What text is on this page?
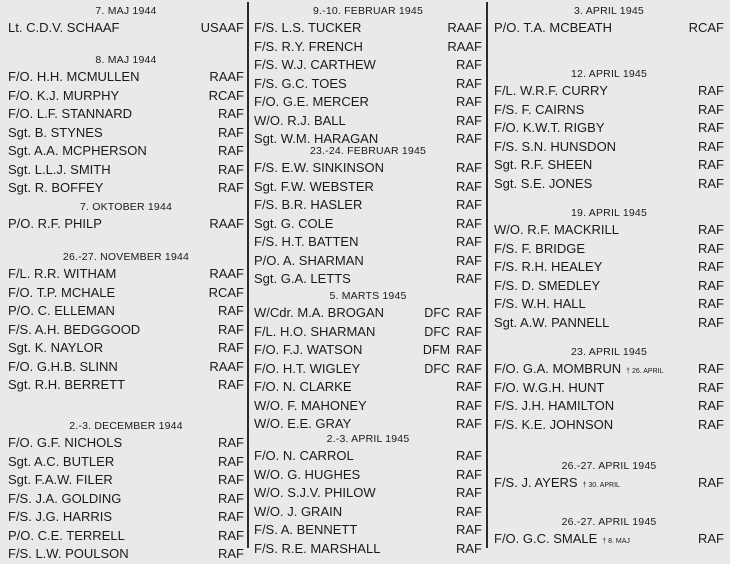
7. MAJ 1944
Lt. C.D.V. SCHAAF	USAAF
8. MAJ 1944
F/O. H.H. MCMULLEN	RAAF
F/O. K.J. MURPHY	RCAF
F/O. L.F. STANNARD	RAF
Sgt. B. STYNES	RAF
Sgt. A.A. MCPHERSON	RAF
Sgt. L.L.J. SMITH	RAF
Sgt. R. BOFFEY	RAF
7. OKTOBER 1944
P/O. R.F. PHILP	RAAF
26.-27. NOVEMBER 1944
F/L. R.R. WITHAM	RAAF
F/O. T.P. MCHALE	RCAF
P/O. C. ELLEMAN	RAF
F/S. A.H. BEDGGOOD	RAF
Sgt. K. NAYLOR	RAF
F/O. G.H.B. SLINN	RAAF
Sgt. R.H. BERRETT	RAF
2.-3. DECEMBER 1944
F/O. G.F. NICHOLS	RAF
Sgt. A.C. BUTLER	RAF
Sgt. F.A.W. FILER	RAF
F/S. J.A. GOLDING	RAF
F/S. J.G. HARRIS	RAF
P/O. C.E. TERRELL	RAF
F/S. L.W. POULSON	RAF
9.-10. FEBRUAR 1945
F/S. L.S. TUCKER	RAAF
F/S. R.Y. FRENCH	RAAF
F/S. W.J. CARTHEW	RAF
F/S. G.C. TOES	RAF
F/O. G.E. MERCER	RAF
W/O. R.J. BALL	RAF
Sgt. W.M. HARAGAN	RAF
23.-24. FEBRUAR 1945
F/S. E.W. SINKINSON	RAF
Sgt. F.W. WEBSTER	RAF
F/S. B.R. HASLER	RAF
Sgt. G. COLE	RAF
F/S. H.T. BATTEN	RAF
P/O. A. SHARMAN	RAF
Sgt. G.A. LETTS	RAF
5. MARTS 1945
W/Cdr. M.A. BROGAN	DFC RAF
F/L. H.O. SHARMAN	DFC RAF
F/O. F.J. WATSON	DFM RAF
F/O. H.T. WIGLEY	DFC RAF
F/O. N. CLARKE	RAF
W/O. F. MAHONEY	RAF
W/O. E.E. GRAY	RAF
2.-3. APRIL 1945
F/O. N. CARROL	RAF
W/O. G. HUGHES	RAF
W/O. S.J.V. PHILOW	RAF
W/O. J. GRAIN	RAF
F/S. A. BENNETT	RAF
F/S. R.E. MARSHALL	RAF
3. APRIL 1945
P/O. T.A. MCBEATH	RCAF
12. APRIL 1945
F/L. W.R.F. CURRY	RAF
F/S. F. CAIRNS	RAF
F/O. K.W.T. RIGBY	RAF
F/S. S.N. HUNSDON	RAF
Sgt. R.F. SHEEN	RAF
Sgt. S.E. JONES	RAF
19. APRIL 1945
W/O. R.F. MACKRILL	RAF
F/S. F. BRIDGE	RAF
F/S. R.H. HEALEY	RAF
F/S. D. SMEDLEY	RAF
F/S. W.H. HALL	RAF
Sgt. A.W. PANNELL	RAF
23. APRIL 1945
F/O. G.A. MOMBRUN † 26. APRIL	RAF
F/O. W.G.H. HUNT	RAF
F/S. J.H. HAMILTON	RAF
F/S. K.E. JOHNSON	RAF
26.-27. APRIL 1945
F/S. J. AYERS † 30. APRIL	RAF
26.-27. APRIL 1945
F/O. G.C. SMALE † 8. MAJ	RAF
